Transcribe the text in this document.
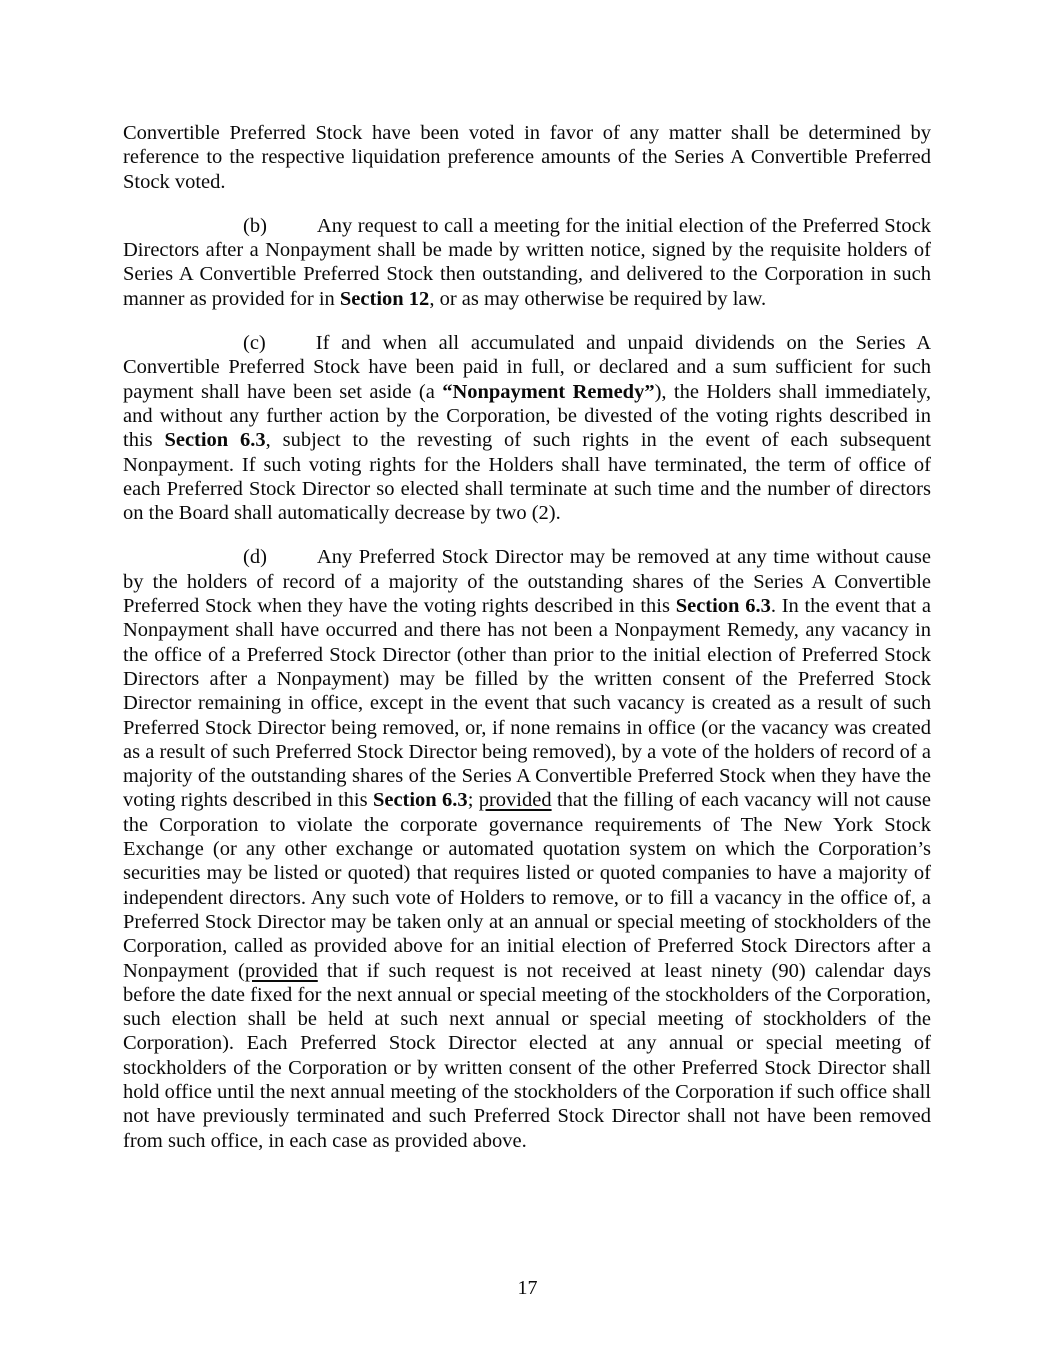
Convertible Preferred Stock have been voted in favor of any matter shall be determined by reference to the respective liquidation preference amounts of the Series A Convertible Preferred Stock voted.

(b) Any request to call a meeting for the initial election of the Preferred Stock Directors after a Nonpayment shall be made by written notice, signed by the requisite holders of Series A Convertible Preferred Stock then outstanding, and delivered to the Corporation in such manner as provided for in Section 12, or as may otherwise be required by law.

(c) If and when all accumulated and unpaid dividends on the Series A Convertible Preferred Stock have been paid in full, or declared and a sum sufficient for such payment shall have been set aside (a “Nonpayment Remedy”), the Holders shall immediately, and without any further action by the Corporation, be divested of the voting rights described in this Section 6.3, subject to the revesting of such rights in the event of each subsequent Nonpayment. If such voting rights for the Holders shall have terminated, the term of office of each Preferred Stock Director so elected shall terminate at such time and the number of directors on the Board shall automatically decrease by two (2).

(d) Any Preferred Stock Director may be removed at any time without cause by the holders of record of a majority of the outstanding shares of the Series A Convertible Preferred Stock when they have the voting rights described in this Section 6.3. In the event that a Nonpayment shall have occurred and there has not been a Nonpayment Remedy, any vacancy in the office of a Preferred Stock Director (other than prior to the initial election of Preferred Stock Directors after a Nonpayment) may be filled by the written consent of the Preferred Stock Director remaining in office, except in the event that such vacancy is created as a result of such Preferred Stock Director being removed, or, if none remains in office (or the vacancy was created as a result of such Preferred Stock Director being removed), by a vote of the holders of record of a majority of the outstanding shares of the Series A Convertible Preferred Stock when they have the voting rights described in this Section 6.3; provided that the filling of each vacancy will not cause the Corporation to violate the corporate governance requirements of The New York Stock Exchange (or any other exchange or automated quotation system on which the Corporation’s securities may be listed or quoted) that requires listed or quoted companies to have a majority of independent directors. Any such vote of Holders to remove, or to fill a vacancy in the office of, a Preferred Stock Director may be taken only at an annual or special meeting of stockholders of the Corporation, called as provided above for an initial election of Preferred Stock Directors after a Nonpayment (provided that if such request is not received at least ninety (90) calendar days before the date fixed for the next annual or special meeting of the stockholders of the Corporation, such election shall be held at such next annual or special meeting of stockholders of the Corporation). Each Preferred Stock Director elected at any annual or special meeting of stockholders of the Corporation or by written consent of the other Preferred Stock Director shall hold office until the next annual meeting of the stockholders of the Corporation if such office shall not have previously terminated and such Preferred Stock Director shall not have been removed from such office, in each case as provided above.

17
